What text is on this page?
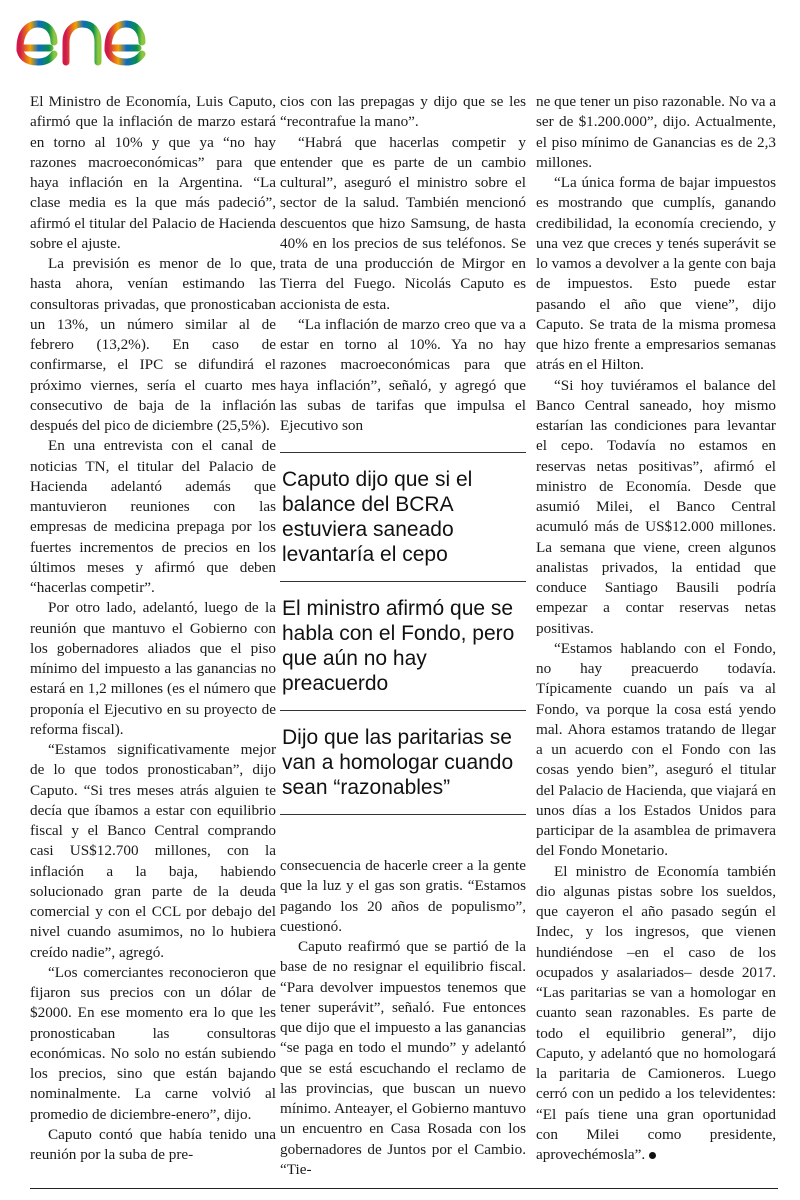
El Ministro de Economía, Luis Caputo, afirmó que la inflación de marzo estará en torno al 10% y que ya “no hay razones macroeconómicas” para que haya inflación en la Argentina. “La clase media es la que más padeció”, afirmó el titular del Palacio de Hacienda sobre el ajuste.

La previsión es menor de lo que, hasta ahora, venían estimando las consultoras privadas, que pronosticaban un 13%, un número similar al de febrero (13,2%). En caso de confirmarse, el IPC se difundirá el próximo viernes, sería el cuarto mes consecutivo de baja de la inflación después del pico de diciembre (25,5%).

En una entrevista con el canal de noticias TN, el titular del Palacio de Hacienda adelantó además que mantuvieron reuniones con las empresas de medicina prepaga por los fuertes incrementos de precios en los últimos meses y afirmó que deben “hacerlas competir”.

Por otro lado, adelantó, luego de la reunión que mantuvo el Gobierno con los gobernadores aliados que el piso mínimo del impuesto a las ganancias no estará en 1,2 millones (es el número que proponía el Ejecutivo en su proyecto de reforma fiscal).

“Estamos significativamente mejor de lo que todos pronosticaban”, dijo Caputo. “Si tres meses atrás alguien te decía que íbamos a estar con equilibrio fiscal y el Banco Central comprando casi US$12.700 millones, con la inflación a la baja, habiendo solucionado gran parte de la deuda comercial y con el CCL por debajo del nivel cuando asumimos, no lo hubiera creído nadie”, agregó.

“Los comerciantes reconocieron que fijaron sus precios con un dólar de $2000. En ese momento era lo que les pronosticaban las consultoras económicas. No solo no están subiendo los precios, sino que están bajando nominalmente. La carne volvió al promedio de diciembre-enero”, dijo.

Caputo contó que había tenido una reunión por la suba de pre-

cios con las prepagas y dijo que se les “recontrafue la mano”.

“Habrá que hacerlas competir y entender que es parte de un cambio cultural”, aseguró el ministro sobre el sector de la salud. También mencionó descuentos que hizo Samsung, de hasta 40% en los precios de sus teléfonos. Se trata de una producción de Mirgor en Tierra del Fuego. Nicolás Caputo es accionista de esta.

“La inflación de marzo creo que va a estar en torno al 10%. Ya no hay razones macroeconómicas para que haya inflación”, señaló, y agregó que las subas de tarifas que impulsa el Ejecutivo son

Caputo dijo que si el balance del BCRA estuviera saneado levantaría el cepo
El ministro afirmó que se habla con el Fondo, pero que aún no hay preacuerdo
Dijo que las paritarias se van a homologar cuando sean “razonables”

consecuencia de hacerle creer a la gente que la luz y el gas son gratis. “Estamos pagando los 20 años de populismo”, cuestionó.

Caputo reafirmó que se partió de la base de no resignar el equilibrio fiscal. “Para devolver impuestos tenemos que tener superávit”, señaló. Fue entonces que dijo que el impuesto a las ganancias “se paga en todo el mundo” y adelantó que se está escuchando el reclamo de las provincias, que buscan un nuevo mínimo. Anteayer, el Gobierno mantuvo un encuentro en Casa Rosada con los gobernadores de Juntos por el Cambio. “Tie-

ne que tener un piso razonable. No va a ser de $1.200.000”, dijo. Actualmente, el piso mínimo de Ganancias es de 2,3 millones.

“La única forma de bajar impuestos es mostrando que cumplís, ganando credibilidad, la economía creciendo, y una vez que creces y tenés superávit se lo vamos a devolver a la gente con baja de impuestos. Esto puede estar pasando el año que viene”, dijo Caputo. Se trata de la misma promesa que hizo frente a empresarios semanas atrás en el Hilton.

“Si hoy tuviéramos el balance del Banco Central saneado, hoy mismo estarían las condiciones para levantar el cepo. Todavía no estamos en reservas netas positivas”, afirmó el ministro de Economía. Desde que asumió Milei, el Banco Central acumuló más de US$12.000 millones. La semana que viene, creen algunos analistas privados, la entidad que conduce Santiago Bausili podría empezar a contar reservas netas positivas.

“Estamos hablando con el Fondo, no hay preacuerdo todavía. Típicamente cuando un país va al Fondo, va porque la cosa está yendo mal. Ahora estamos tratando de llegar a un acuerdo con el Fondo con las cosas yendo bien”, aseguró el titular del Palacio de Hacienda, que viajará en unos días a los Estados Unidos para participar de la asamblea de primavera del Fondo Monetario.

El ministro de Economía también dio algunas pistas sobre los sueldos, que cayeron el año pasado según el Indec, y los ingresos, que vienen hundiéndose –en el caso de los ocupados y asalariados– desde 2017. “Las paritarias se van a homologar en cuanto sean razonables. Es parte de todo el equilibrio general”, dijo Caputo, y adelantó que no homologará la paritaria de Camioneros. Luego cerró con un pedido a los televidentes: “El país tiene una gran oportunidad con Milei como presidente, aprovechémosla”.
